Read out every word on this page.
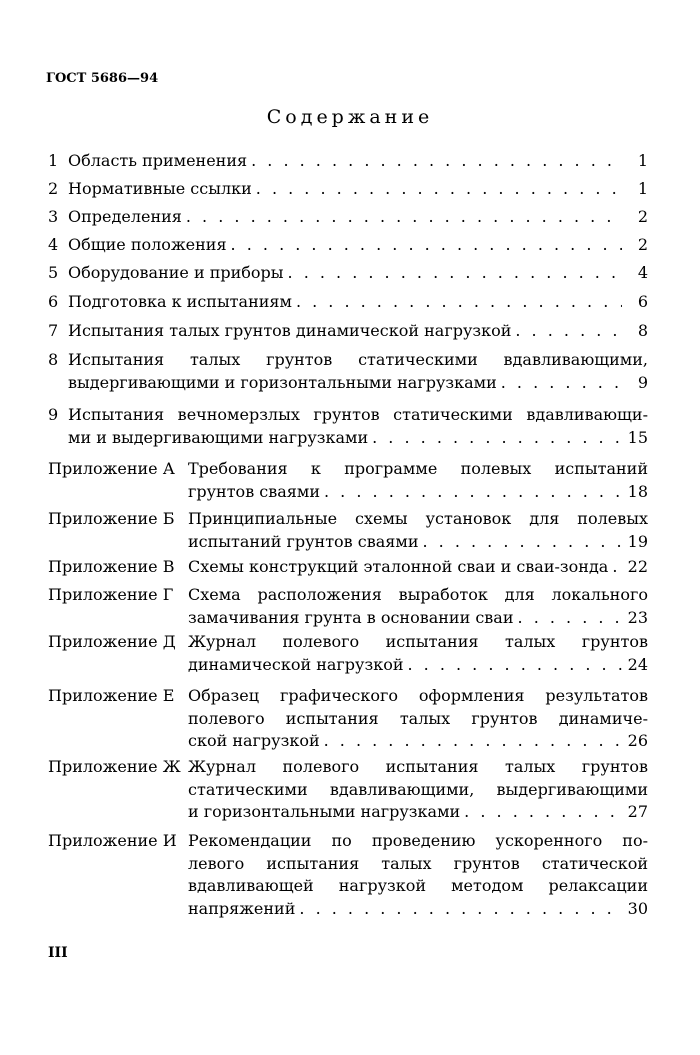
ГОСТ 5686—94
Содержание
1 Область применения . . .	1
2 Нормативные ссылки . . .	1
3 Определения . . .	2
4 Общие положения . . .	2
5 Оборудование и приборы . . .	4
6 Подготовка к испытаниям . . .	6
7 Испытания талых грунтов динамической нагрузкой . . .	8
8 Испытания талых грунтов статическими вдавливающими,
выдергивающими и горизонтальными нагрузками . . .	9
9 Испытания вечномерзлых грунтов статическими вдавливающи-
ми и выдергивающими нагрузками . . .	15
Приложение А Требования к программе полевых испытаний
грунтов сваями . . .	18
Приложение Б Принципиальные схемы установок для полевых
испытаний грунтов сваями . . .	19
Приложение В Схемы конструкций эталонной сваи и сваи-зонда . . . 22
Приложение Г Схема расположения выработок для локального
замачивания грунта в основании сваи . . .	23
Приложение Д Журнал полевого испытания талых грунтов
динамической нагрузкой . . .	24
Приложение Е Образец графического оформления результатов
полевого испытания талых грунтов динамиче-
ской нагрузкой . . .	26
Приложение Ж Журнал полевого испытания талых грунтов
статическими вдавливающими, выдергивающими
и горизонтальными нагрузками . . .	27
Приложение И Рекомендации по проведению ускоренного по-
левого испытания талых грунтов статической
вдавливающей нагрузкой методом релаксации
напряжений . . .	30
III
